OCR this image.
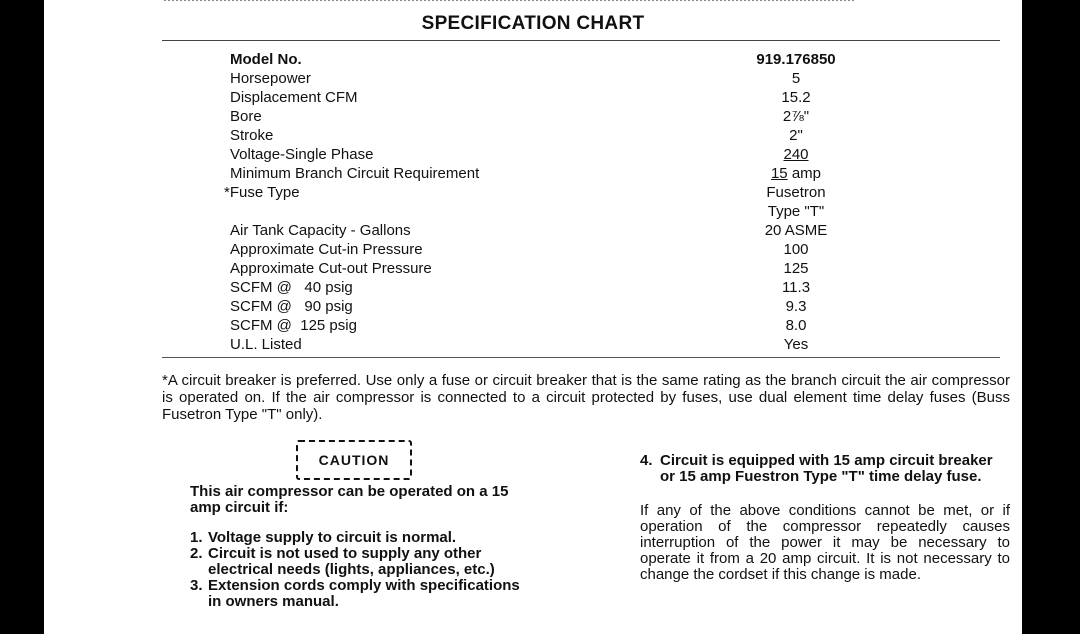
SPECIFICATION CHART
Model No.	919.176850
Horsepower	5
Displacement CFM	15.2
Bore	2⅞"
Stroke	2"
Voltage-Single Phase	240
Minimum Branch Circuit Requirement	15 amp
*Fuse Type	Fusetron
Type "T"
Air Tank Capacity - Gallons	20 ASME
Approximate Cut-in Pressure	100
Approximate Cut-out Pressure	125
SCFM @   40 psig	11.3
SCFM @   90 psig	9.3
SCFM @  125 psig	8.0
U.L. Listed	Yes
*A circuit breaker is preferred. Use only a fuse or circuit breaker that is the same rating as the branch circuit the air compressor is operated on. If the air compressor is connected to a circuit protected by fuses, use dual element time delay fuses (Buss Fusetron Type "T" only).
CAUTION

This air compressor can be operated on a 15 amp circuit if:

1. Voltage supply to circuit is normal.
2. Circuit is not used to supply any other electrical needs (lights, appliances, etc.)
3. Extension cords comply with specifications in owners manual.
4. Circuit is equipped with 15 amp circuit breaker or 15 amp Fuestron Type "T" time delay fuse.

If any of the above conditions cannot be met, or if operation of the compressor repeatedly causes interruption of the power it may be necessary to operate it from a 20 amp circuit. It is not necessary to change the cordset if this change is made.
